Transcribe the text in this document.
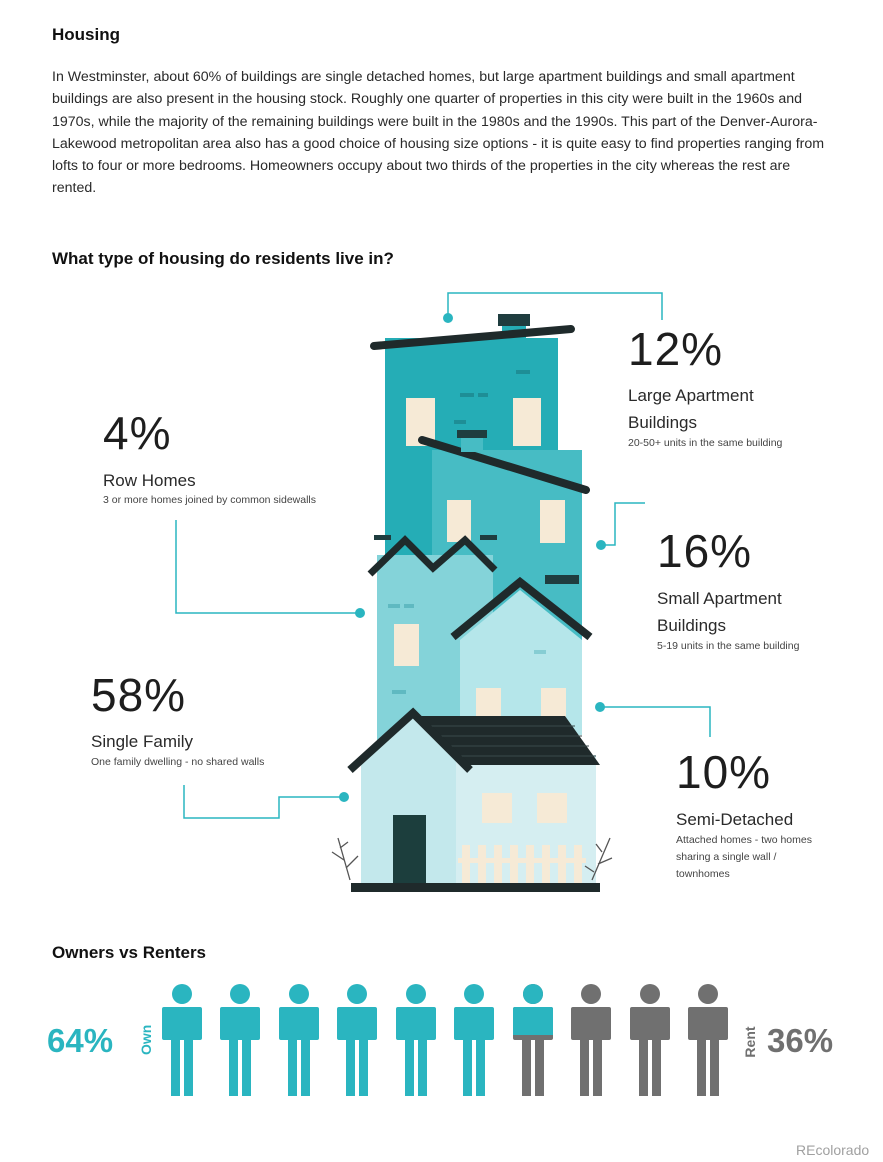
Housing
In Westminster, about 60% of buildings are single detached homes, but large apartment buildings and small apartment buildings are also present in the housing stock. Roughly one quarter of properties in this city were built in the 1960s and 1970s, while the majority of the remaining buildings were built in the 1980s and the 1990s. This part of the Denver-Aurora-Lakewood metropolitan area also has a good choice of housing size options - it is quite easy to find properties ranging from lofts to four or more bedrooms. Homeowners occupy about two thirds of the properties in the city whereas the rest are rented.
What type of housing do residents live in?
12%
Large Apartment
Buildings
20-50+ units in the same building
4%
Row Homes
3 or more homes joined by common sidewalls
16%
Small Apartment
Buildings
5-19 units in the same building
58%
Single Family
One family dwelling - no shared walls	10%
Semi-Detached
Attached homes - two homes
sharing a single wall /
townhomes
Owners vs Renters
64% Own	Rent 36%
REcolorado
